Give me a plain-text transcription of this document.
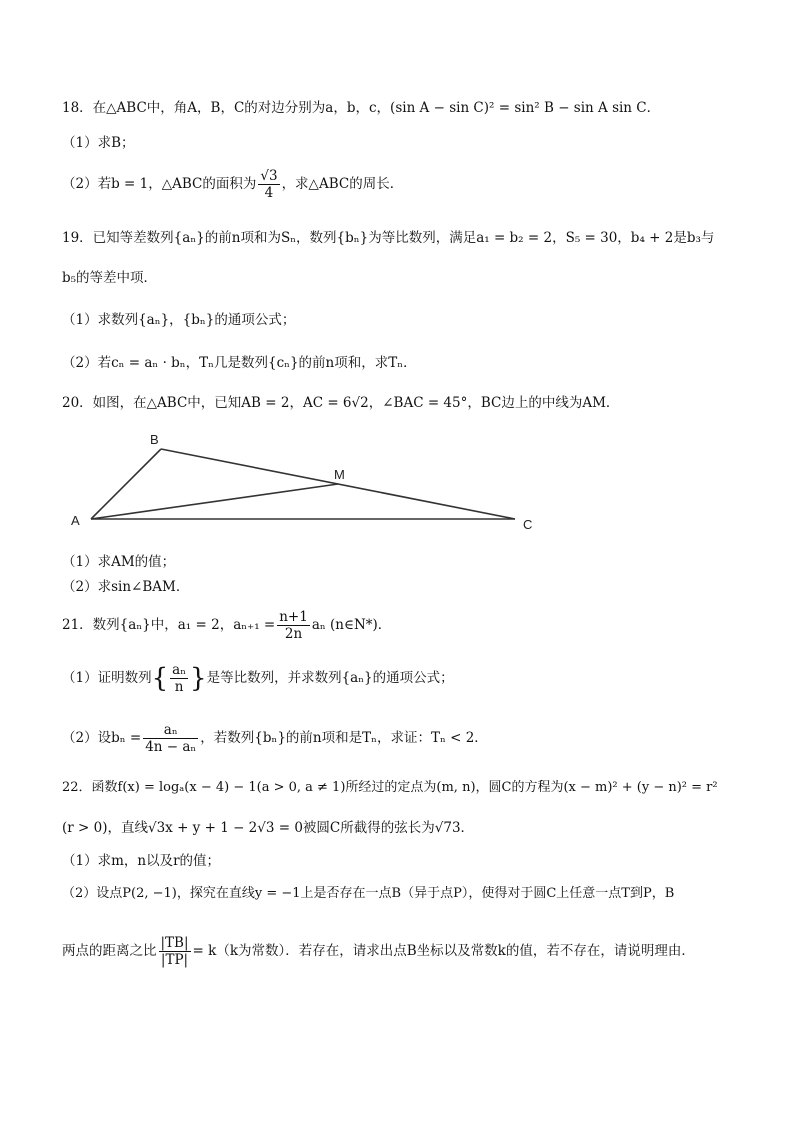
18．在△ABC中，角A，B，C的对边分别为a，b，c，(sin A − sin C)² = sin² B − sin A sin C．
（1）求B；
（2）若b = 1，△ABC的面积为 $\frac{√3}{4}$ ，求△ABC的周长．
19．已知等差数列{aₙ}的前n项和为Sₙ，数列{bₙ}为等比数列，满足a₁ = b₂ = 2，S₅ = 30，b₄ + 2是b₃与
b₅的等差中项．
（1）求数列{aₙ}，{bₙ}的通项公式；
（2）若cₙ = aₙ · bₙ，Tₙ几是数列{cₙ}的前n项和，求Tₙ．
20．如图，在△ABC中，已知AB = 2，AC = 6√2，∠BAC = 45°，BC边上的中线为AM．
A
B
C
M
（1）求AM的值；
（2）求sin∠BAM．
21．数列{aₙ}中，a₁ = 2，$a_{n+1} = \frac{n+1}{2n}$ aₙ (n∈N*)．
（1）证明数列{ $\frac{\text{aₙ}}{n}$ }是等比数列，并求数列{aₙ}的通项公式；
（2）设$b_n = \frac{\text{aₙ}}{\text{4n − aₙ}}$ ，若数列{bₙ}的前n项和是Tₙ，求证：Tₙ < 2．
22．函数f(x) = logₐ(x − 4) − 1(a > 0, a ≠ 1)所经过的定点为(m, n)，圆C的方程为(x − m)² + (y − n)² = r²
(r > 0)，直线√3x + y + 1 − 2√3 = 0被圆C所截得的弦长为√73．
（1）求m，n以及r的值；
（2）设点P(2, −1)，探究在直线y = −1上是否存在一点B（异于点P），使得对于圆C上任意一点T到P，B
两点的距离之比 $\frac{|TB|}{|TP|} = k(k$为常数）．若存在，请求出点B坐标以及常数k的值，若不存在，请说明理由．
